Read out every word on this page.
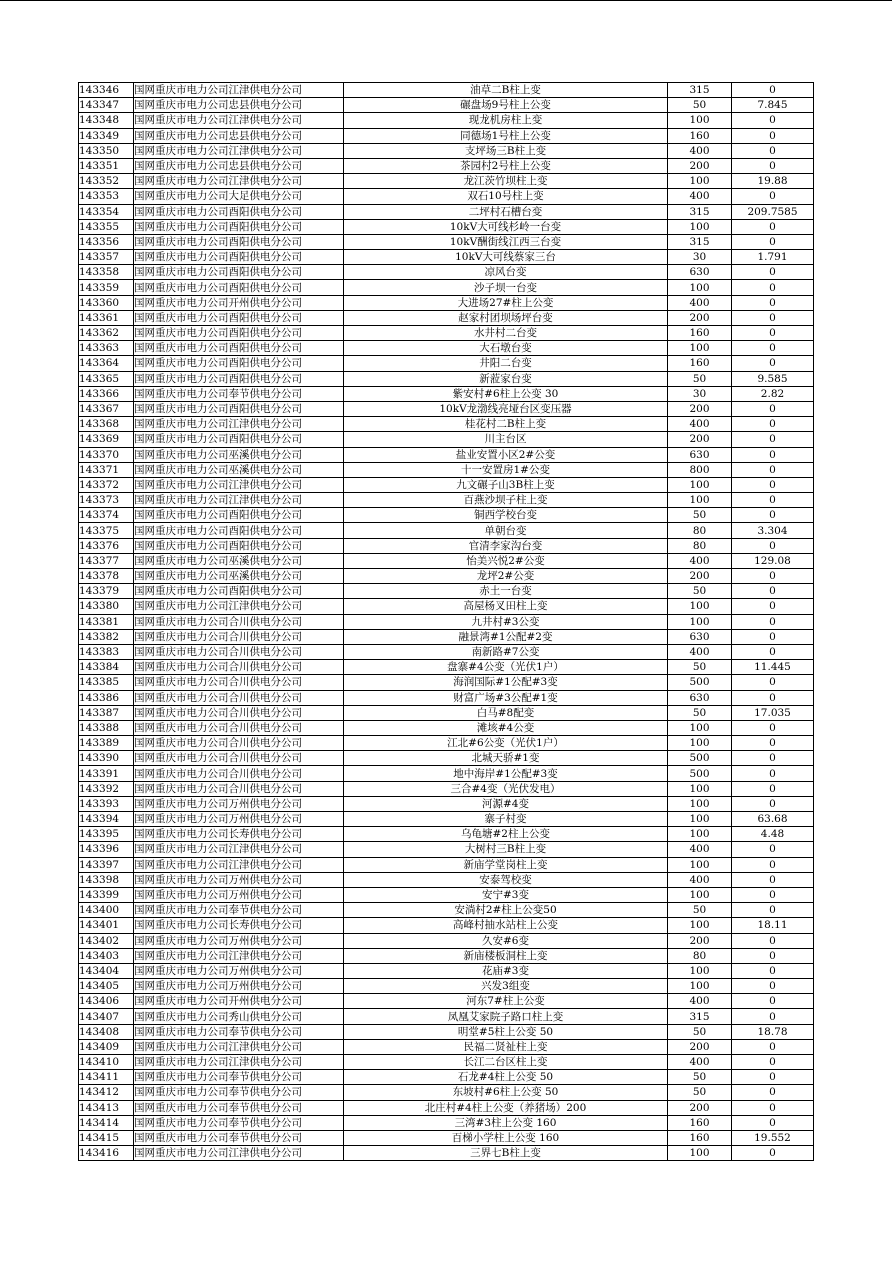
143346	国网重庆市电力公司江津供电分公司	油草二B柱上变	315	0
143347	国网重庆市电力公司忠县供电分公司	碾盘场9号柱上公变	50	7.845
143348	国网重庆市电力公司江津供电分公司	现龙机房柱上变	100	0
143349	国网重庆市电力公司忠县供电分公司	同德场1号柱上公变	160	0
143350	国网重庆市电力公司江津供电分公司	支坪场三B柱上变	400	0
143351	国网重庆市电力公司忠县供电分公司	茶园村2号柱上公变	200	0
143352	国网重庆市电力公司江津供电分公司	龙江茨竹坝柱上变	100	19.88
143353	国网重庆市电力公司大足供电分公司	双石10号柱上变	400	0
143354	国网重庆市电力公司酉阳供电分公司	二坪村石槽台变	315	209.7585
143355	国网重庆市电力公司酉阳供电分公司	10kV大可线杉岭一台变	100	0
143356	国网重庆市电力公司酉阳供电分公司	10kV酬街线江西三台变	315	0
143357	国网重庆市电力公司酉阳供电分公司	10kV大可线蔡家三台	30	1.791
143358	国网重庆市电力公司酉阳供电分公司	凉风台变	630	0
143359	国网重庆市电力公司酉阳供电分公司	沙子坝一台变	100	0
143360	国网重庆市电力公司开州供电分公司	大进场27#柱上公变	400	0
143361	国网重庆市电力公司酉阳供电分公司	赵家村团坝场坪台变	200	0
143362	国网重庆市电力公司酉阳供电分公司	水井村二台变	160	0
143363	国网重庆市电力公司酉阳供电分公司	大石墩台变	100	0
143364	国网重庆市电力公司酉阳供电分公司	井阳二台变	160	0
143365	国网重庆市电力公司酉阳供电分公司	新蒞家台变	50	9.585
143366	国网重庆市电力公司奉节供电分公司	紫安村#6柱上公变 30	30	2.82
143367	国网重庆市电力公司酉阳供电分公司	10kV龙渤线亮垭台区变压器	200	0
143368	国网重庆市电力公司江津供电分公司	桂花村二B柱上变	400	0
143369	国网重庆市电力公司酉阳供电分公司	川主台区	200	0
143370	国网重庆市电力公司巫溪供电分公司	盐业安置小区2#公变	630	0
143371	国网重庆市电力公司巫溪供电分公司	十一安置房1#公变	800	0
143372	国网重庆市电力公司江津供电分公司	九文碾子山3B柱上变	100	0
143373	国网重庆市电力公司江津供电分公司	百燕沙坝子柱上变	100	0
143374	国网重庆市电力公司酉阳供电分公司	铜西学校台变	50	0
143375	国网重庆市电力公司酉阳供电分公司	单朝台变	80	3.304
143376	国网重庆市电力公司酉阳供电分公司	官清李家沟台变	80	0
143377	国网重庆市电力公司巫溪供电分公司	怡美兴悦2#公变	400	129.08
143378	国网重庆市电力公司巫溪供电分公司	龙坪2#公变	200	0
143379	国网重庆市电力公司酉阳供电分公司	赤土一台变	50	0
143380	国网重庆市电力公司江津供电分公司	高屋杨叉田柱上变	100	0
143381	国网重庆市电力公司合川供电分公司	九井村#3公变	100	0
143382	国网重庆市电力公司合川供电分公司	融景湾#1公配#2变	630	0
143383	国网重庆市电力公司合川供电分公司	南新路#7公变	400	0
143384	国网重庆市电力公司合川供电分公司	盘寨#4公变（光伏1户）	50	11.445
143385	国网重庆市电力公司合川供电分公司	海润国际#1公配#3变	500	0
143386	国网重庆市电力公司合川供电分公司	财富广场#3公配#1变	630	0
143387	国网重庆市电力公司合川供电分公司	白马#8配变	50	17.035
143388	国网重庆市电力公司合川供电分公司	滩垓#4公变	100	0
143389	国网重庆市电力公司合川供电分公司	江北#6公变（光伏1户）	100	0
143390	国网重庆市电力公司合川供电分公司	北城天骄#1变	500	0
143391	国网重庆市电力公司合川供电分公司	地中海岸#1公配#3变	500	0
143392	国网重庆市电力公司合川供电分公司	三合#4变（光伏发电）	100	0
143393	国网重庆市电力公司万州供电分公司	河源#4变	100	0
143394	国网重庆市电力公司万州供电分公司	寨子村变	100	63.68
143395	国网重庆市电力公司长寿供电分公司	乌龟塘#2柱上公变	100	4.48
143396	国网重庆市电力公司江津供电分公司	大树村三B柱上变	400	0
143397	国网重庆市电力公司江津供电分公司	新庙学堂岗柱上变	100	0
143398	国网重庆市电力公司万州供电分公司	安泰驾校变	400	0
143399	国网重庆市电力公司万州供电分公司	安宁#3变	100	0
143400	国网重庆市电力公司奉节供电分公司	安淌村2#柱上公变50	50	0
143401	国网重庆市电力公司长寿供电分公司	高峰村抽水站柱上公变	100	18.11
143402	国网重庆市电力公司万州供电分公司	久安#6变	200	0
143403	国网重庆市电力公司江津供电分公司	新庙楼板洞柱上变	80	0
143404	国网重庆市电力公司万州供电分公司	花庙#3变	100	0
143405	国网重庆市电力公司万州供电分公司	兴发3组变	100	0
143406	国网重庆市电力公司开州供电分公司	河东7#柱上公变	400	0
143407	国网重庆市电力公司秀山供电分公司	凤凰艾家院子路口柱上变	315	0
143408	国网重庆市电力公司奉节供电分公司	明堂#5柱上公变 50	50	18.78
143409	国网重庆市电力公司江津供电分公司	民福二贤祉柱上变	200	0
143410	国网重庆市电力公司江津供电分公司	长江二台区柱上变	400	0
143411	国网重庆市电力公司奉节供电分公司	石龙#4柱上公变 50	50	0
143412	国网重庆市电力公司奉节供电分公司	东坡村#6柱上公变 50	50	0
143413	国网重庆市电力公司奉节供电分公司	北庄村#4柱上公变（养猪场）200	200	0
143414	国网重庆市电力公司奉节供电分公司	三湾#3柱上公变 160	160	0
143415	国网重庆市电力公司奉节供电分公司	百梯小学柱上公变 160	160	19.552
143416	国网重庆市电力公司江津供电分公司	三界七B柱上变	100	0
